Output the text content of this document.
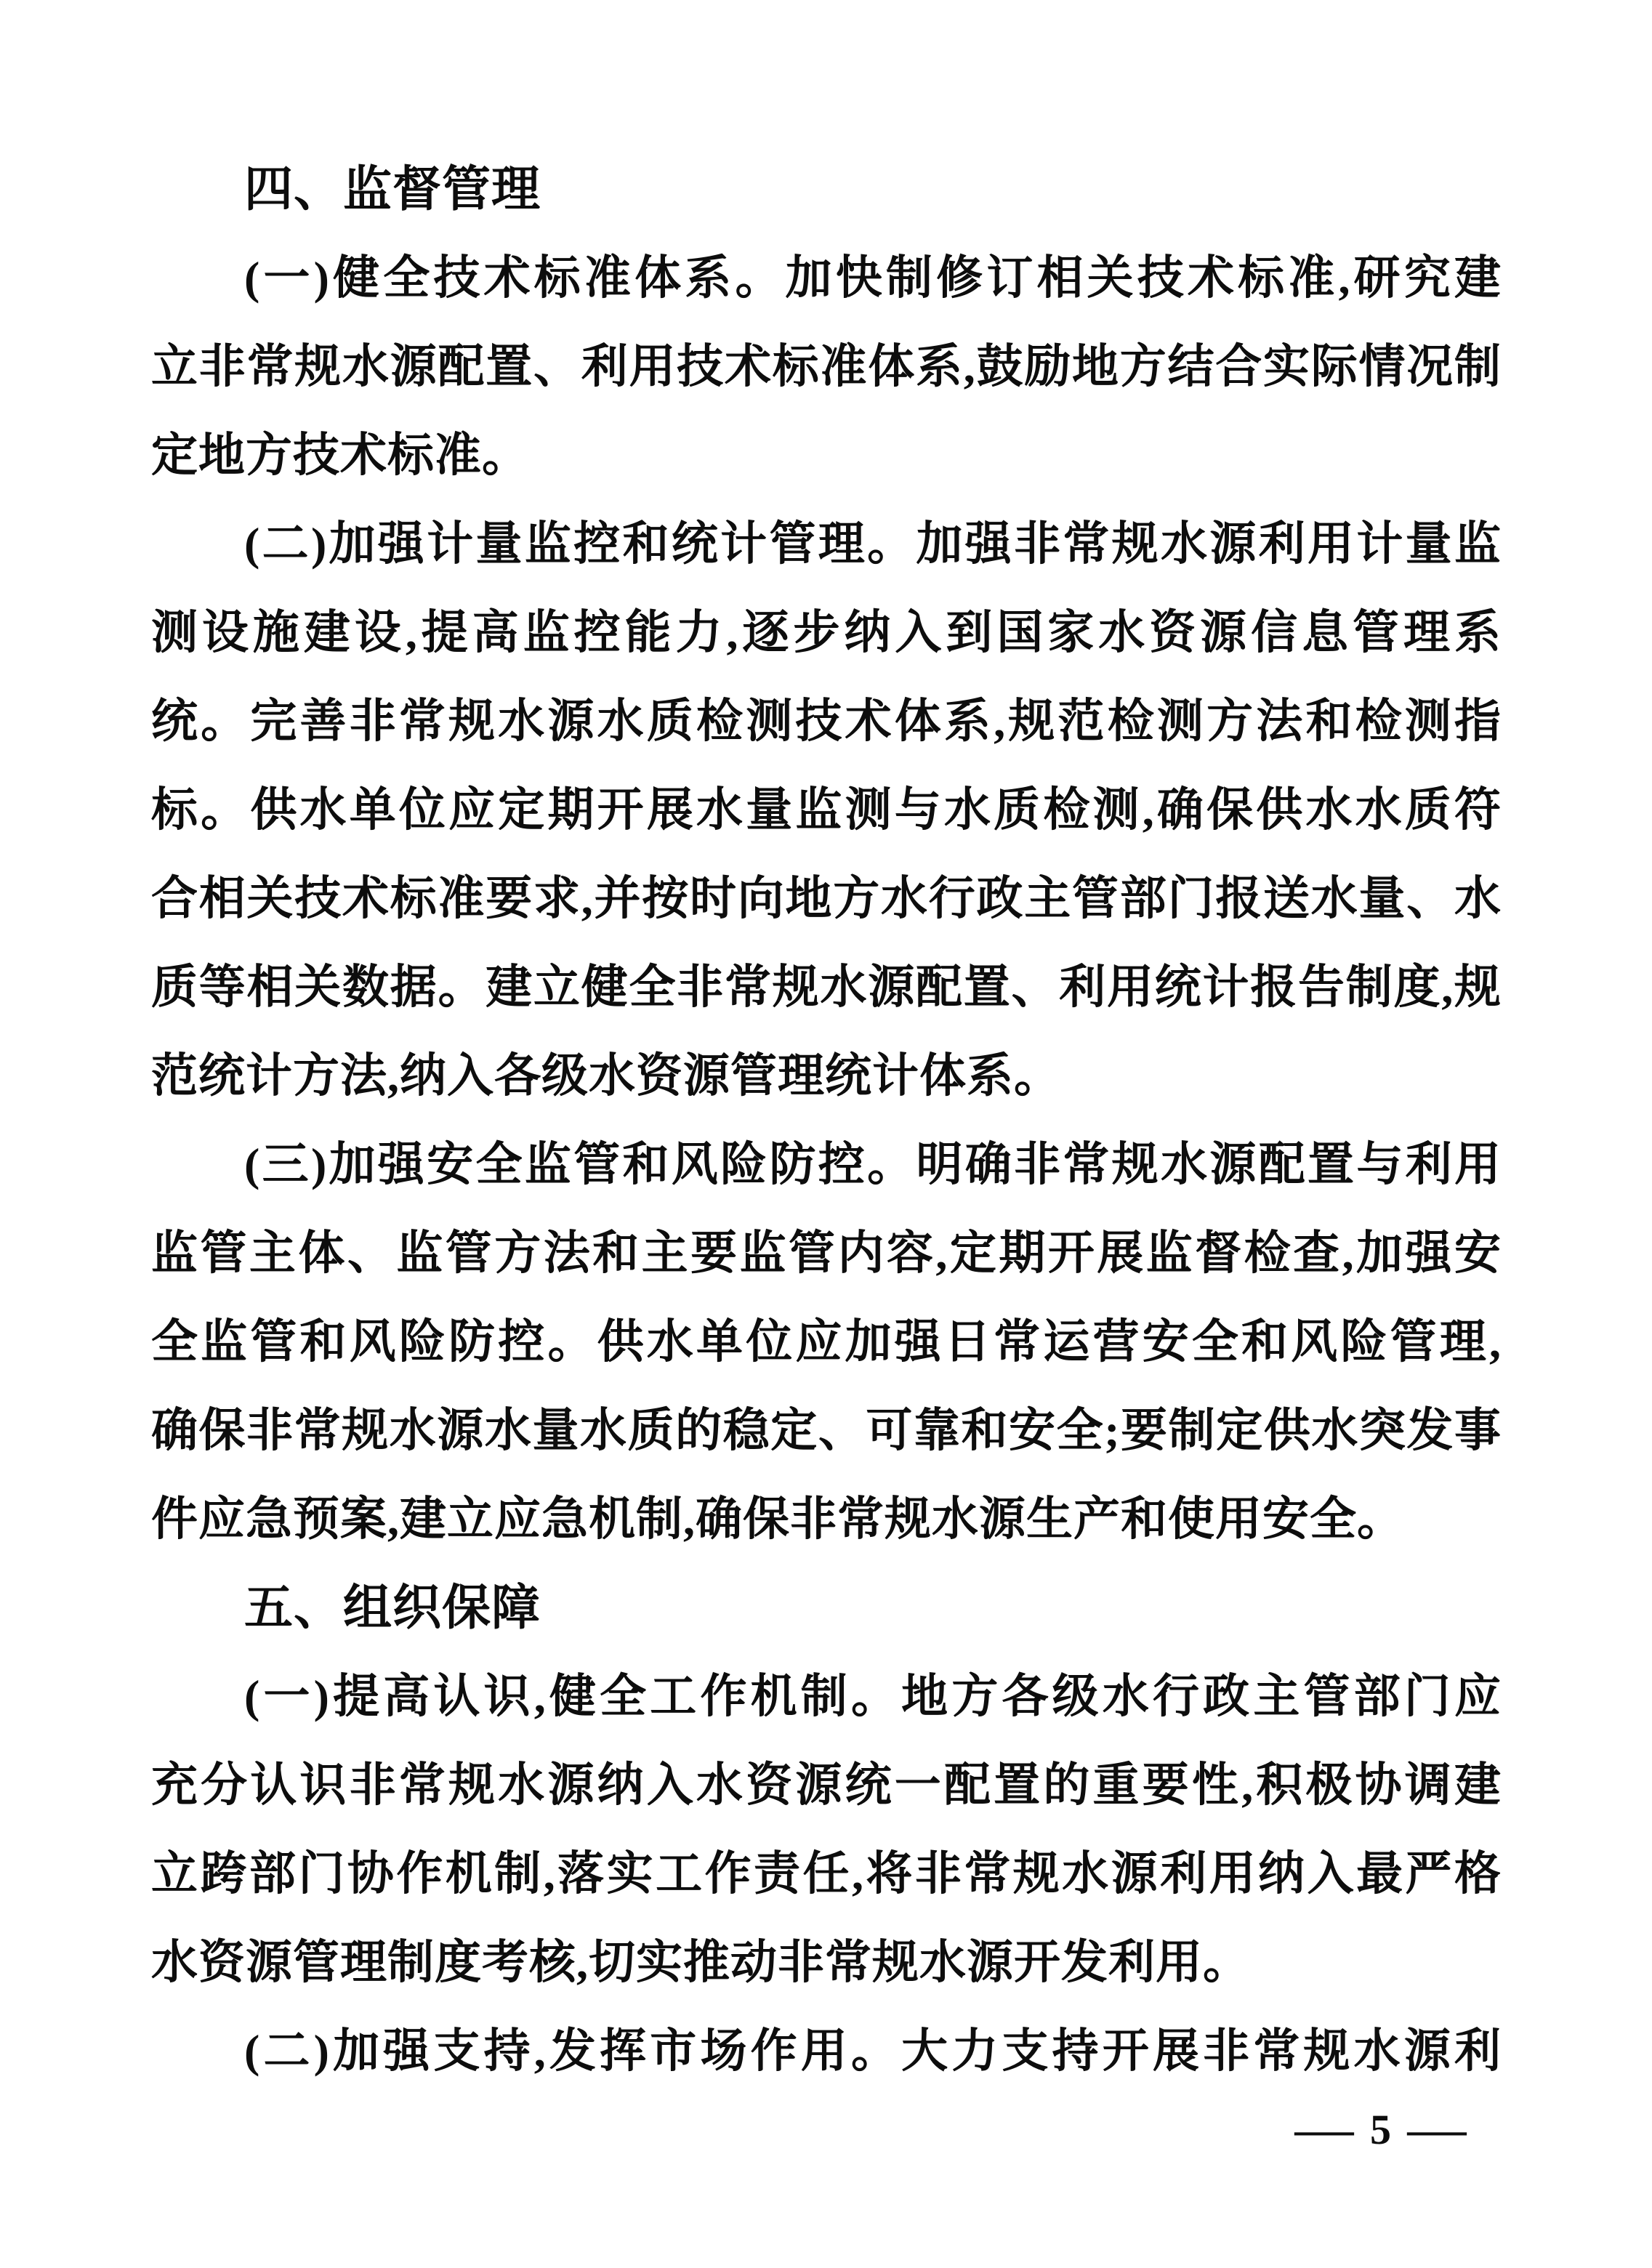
四、监督管理
(一)健全技术标准体系。加快制修订相关技术标准,研究建
立非常规水源配置、利用技术标准体系,鼓励地方结合实际情况制
定地方技术标准。
(二)加强计量监控和统计管理。加强非常规水源利用计量监
测设施建设,提高监控能力,逐步纳入到国家水资源信息管理系
统。完善非常规水源水质检测技术体系,规范检测方法和检测指
标。供水单位应定期开展水量监测与水质检测,确保供水水质符
合相关技术标准要求,并按时向地方水行政主管部门报送水量、水
质等相关数据。建立健全非常规水源配置、利用统计报告制度,规
范统计方法,纳入各级水资源管理统计体系。
(三)加强安全监管和风险防控。明确非常规水源配置与利用
监管主体、监管方法和主要监管内容,定期开展监督检查,加强安
全监管和风险防控。供水单位应加强日常运营安全和风险管理,
确保非常规水源水量水质的稳定、可靠和安全;要制定供水突发事
件应急预案,建立应急机制,确保非常规水源生产和使用安全。
五、组织保障
(一)提高认识,健全工作机制。地方各级水行政主管部门应
充分认识非常规水源纳入水资源统一配置的重要性,积极协调建
立跨部门协作机制,落实工作责任,将非常规水源利用纳入最严格
水资源管理制度考核,切实推动非常规水源开发利用。
(二)加强支持,发挥市场作用。大力支持开展非常规水源利
— 5 —
